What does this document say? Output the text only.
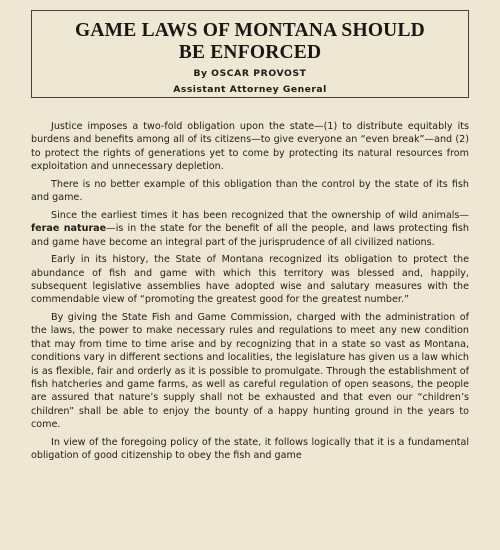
GAME LAWS OF MONTANA SHOULD
BE ENFORCED
By OSCAR PROVOST
Assistant Attorney General

Justice imposes a two-fold obligation upon the state—(1) to distribute equitably its burdens and benefits among all of its citizens—to give everyone an “even break”—and (2) to protect the rights of generations yet to come by protecting its natural resources from exploitation and unnecessary depletion.

There is no better example of this obligation than the control by the state of its fish and game.

Since the earliest times it has been recognized that the ownership of wild animals—ferae naturae—is in the state for the benefit of all the people, and laws protecting fish and game have become an integral part of the jurisprudence of all civilized nations.

Early in its history, the State of Montana recognized its obligation to protect the abundance of fish and game with which this territory was blessed and, happily, subsequent legislative assemblies have adopted wise and salutary measures with the commendable view of “promoting the greatest good for the greatest number.”

By giving the State Fish and Game Commission, charged with the administration of the laws, the power to make necessary rules and regulations to meet any new condition that may from time to time arise and by recognizing that in a state so vast as Montana, conditions vary in different sections and localities, the legislature has given us a law which is as flexible, fair and orderly as it is possible to promulgate. Through the establishment of fish hatcheries and game farms, as well as careful regulation of open seasons, the people are assured that nature’s supply shall not be exhausted and that even our “children’s children” shall be able to enjoy the bounty of a happy hunting ground in the years to come.

In view of the foregoing policy of the state, it follows logically that it is a fundamental obligation of good citizenship to obey the fish and game
